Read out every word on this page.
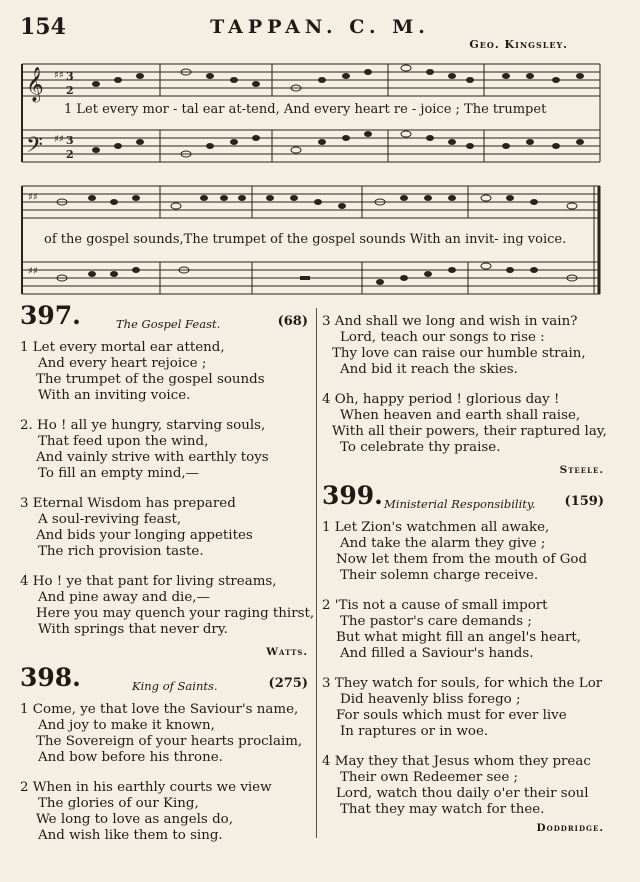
154	TAPPAN. C. M.
Geo. Kingsley.
𝄞
𝄢
♯♯ 3
2
♯♯ 3
2
1 Let every mor - tal ear at-tend, And every heart re - joice ; The trumpet
♯♯
♯♯
of the gospel sounds,The trumpet of the gospel sounds With an invit- ing voice.
397.	The Gospel Feast.	(68)
1 Let every mortal ear attend,
And every heart rejoice ;
The trumpet of the gospel sounds
With an inviting voice.
2. Ho ! all ye hungry, starving souls,
That feed upon the wind,
And vainly strive with earthly toys
To fill an empty mind,—
3 Eternal Wisdom has prepared
A soul-reviving feast,
And bids your longing appetites
The rich provision taste.
4 Ho ! ye that pant for living streams,
And pine away and die,—
Here you may quench your raging thirst,
With springs that never dry.
Watts.
398.	King of Saints.	(275)
1 Come, ye that love the Saviour's name,
And joy to make it known,
The Sovereign of your hearts proclaim,
And bow before his throne.
2 When in his earthly courts we view
The glories of our King,
We long to love as angels do,
And wish like them to sing.
3 And shall we long and wish in vain?
Lord, teach our songs to rise :
Thy love can raise our humble strain,
And bid it reach the skies.
4 Oh, happy period ! glorious day !
When heaven and earth shall raise,
With all their powers, their raptured lay,
To celebrate thy praise.
Steele.
399. Ministerial Responsibility. (159)
1 Let Zion's watchmen all awake,
And take the alarm they give ;
Now let them from the mouth of God
Their solemn charge receive.
2 'Tis not a cause of small import
The pastor's care demands ;
But what might fill an angel's heart,
And filled a Saviour's hands.
3 They watch for souls, for which the Lor
Did heavenly bliss forego ;
For souls which must for ever live
In raptures or in woe.
4 May they that Jesus whom they preac
Their own Redeemer see ;
Lord, watch thou daily o'er their soul
That they may watch for thee.
Doddridge.
